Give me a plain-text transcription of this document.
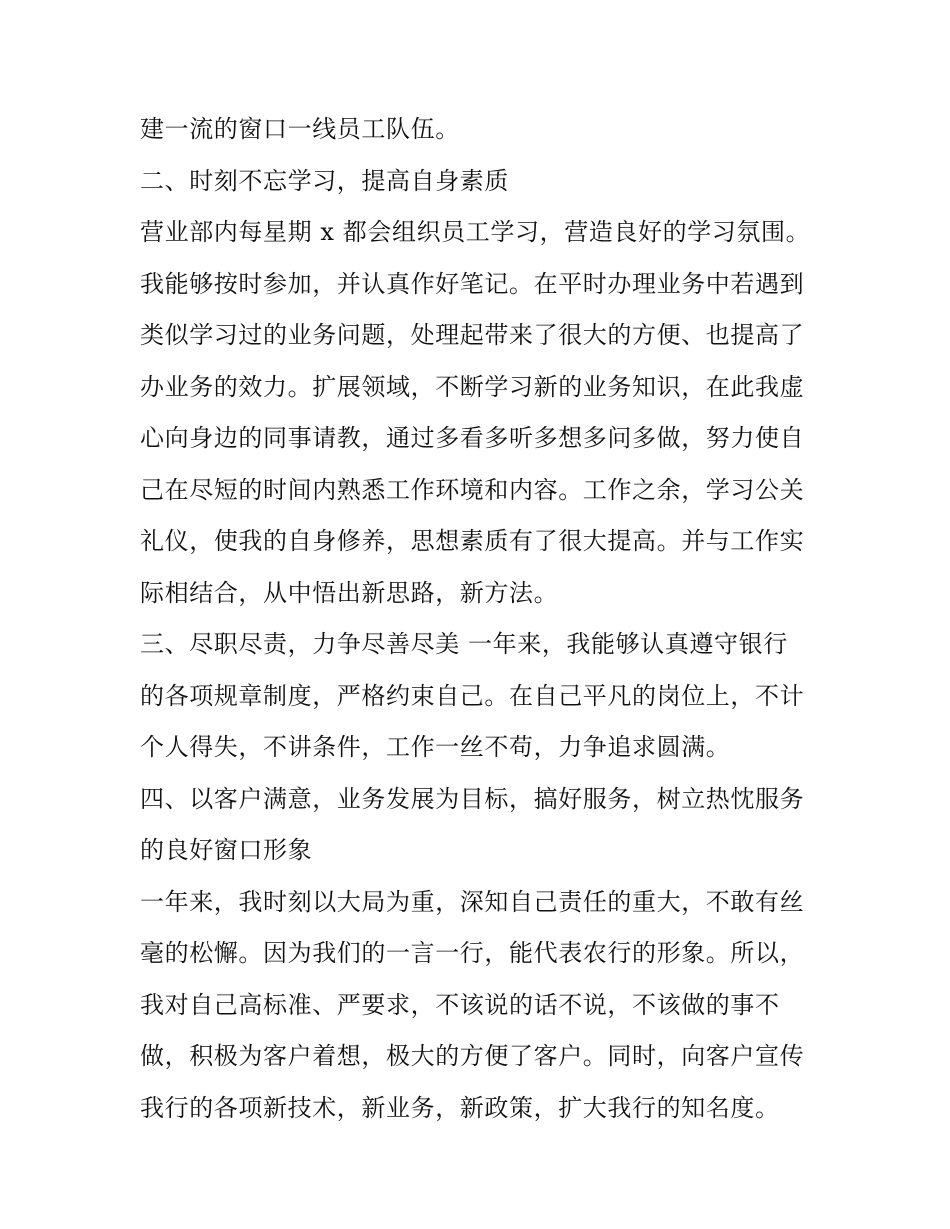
建一流的窗口一线员工队伍。
二、时刻不忘学习，提高自身素质
营业部内每星期 x 都会组织员工学习，营造良好的学习氛围。
我能够按时参加，并认真作好笔记。在平时办理业务中若遇到
类似学习过的业务问题，处理起带来了很大的方便、也提高了
办业务的效力。扩展领域，不断学习新的业务知识，在此我虚
心向身边的同事请教，通过多看多听多想多问多做，努力使自
己在尽短的时间内熟悉工作环境和内容。工作之余，学习公关
礼仪，使我的自身修养，思想素质有了很大提高。并与工作实
际相结合，从中悟出新思路，新方法。
三、尽职尽责，力争尽善尽美 一年来，我能够认真遵守银行
的各项规章制度，严格约束自己。在自己平凡的岗位上，不计
个人得失，不讲条件，工作一丝不苟，力争追求圆满。
四、以客户满意，业务发展为目标，搞好服务，树立热忱服务
的良好窗口形象
一年来，我时刻以大局为重，深知自己责任的重大，不敢有丝
毫的松懈。因为我们的一言一行，能代表农行的形象。所以，
我对自己高标准、严要求，不该说的话不说，不该做的事不
做，积极为客户着想，极大的方便了客户。同时，向客户宣传
我行的各项新技术，新业务，新政策，扩大我行的知名度。
